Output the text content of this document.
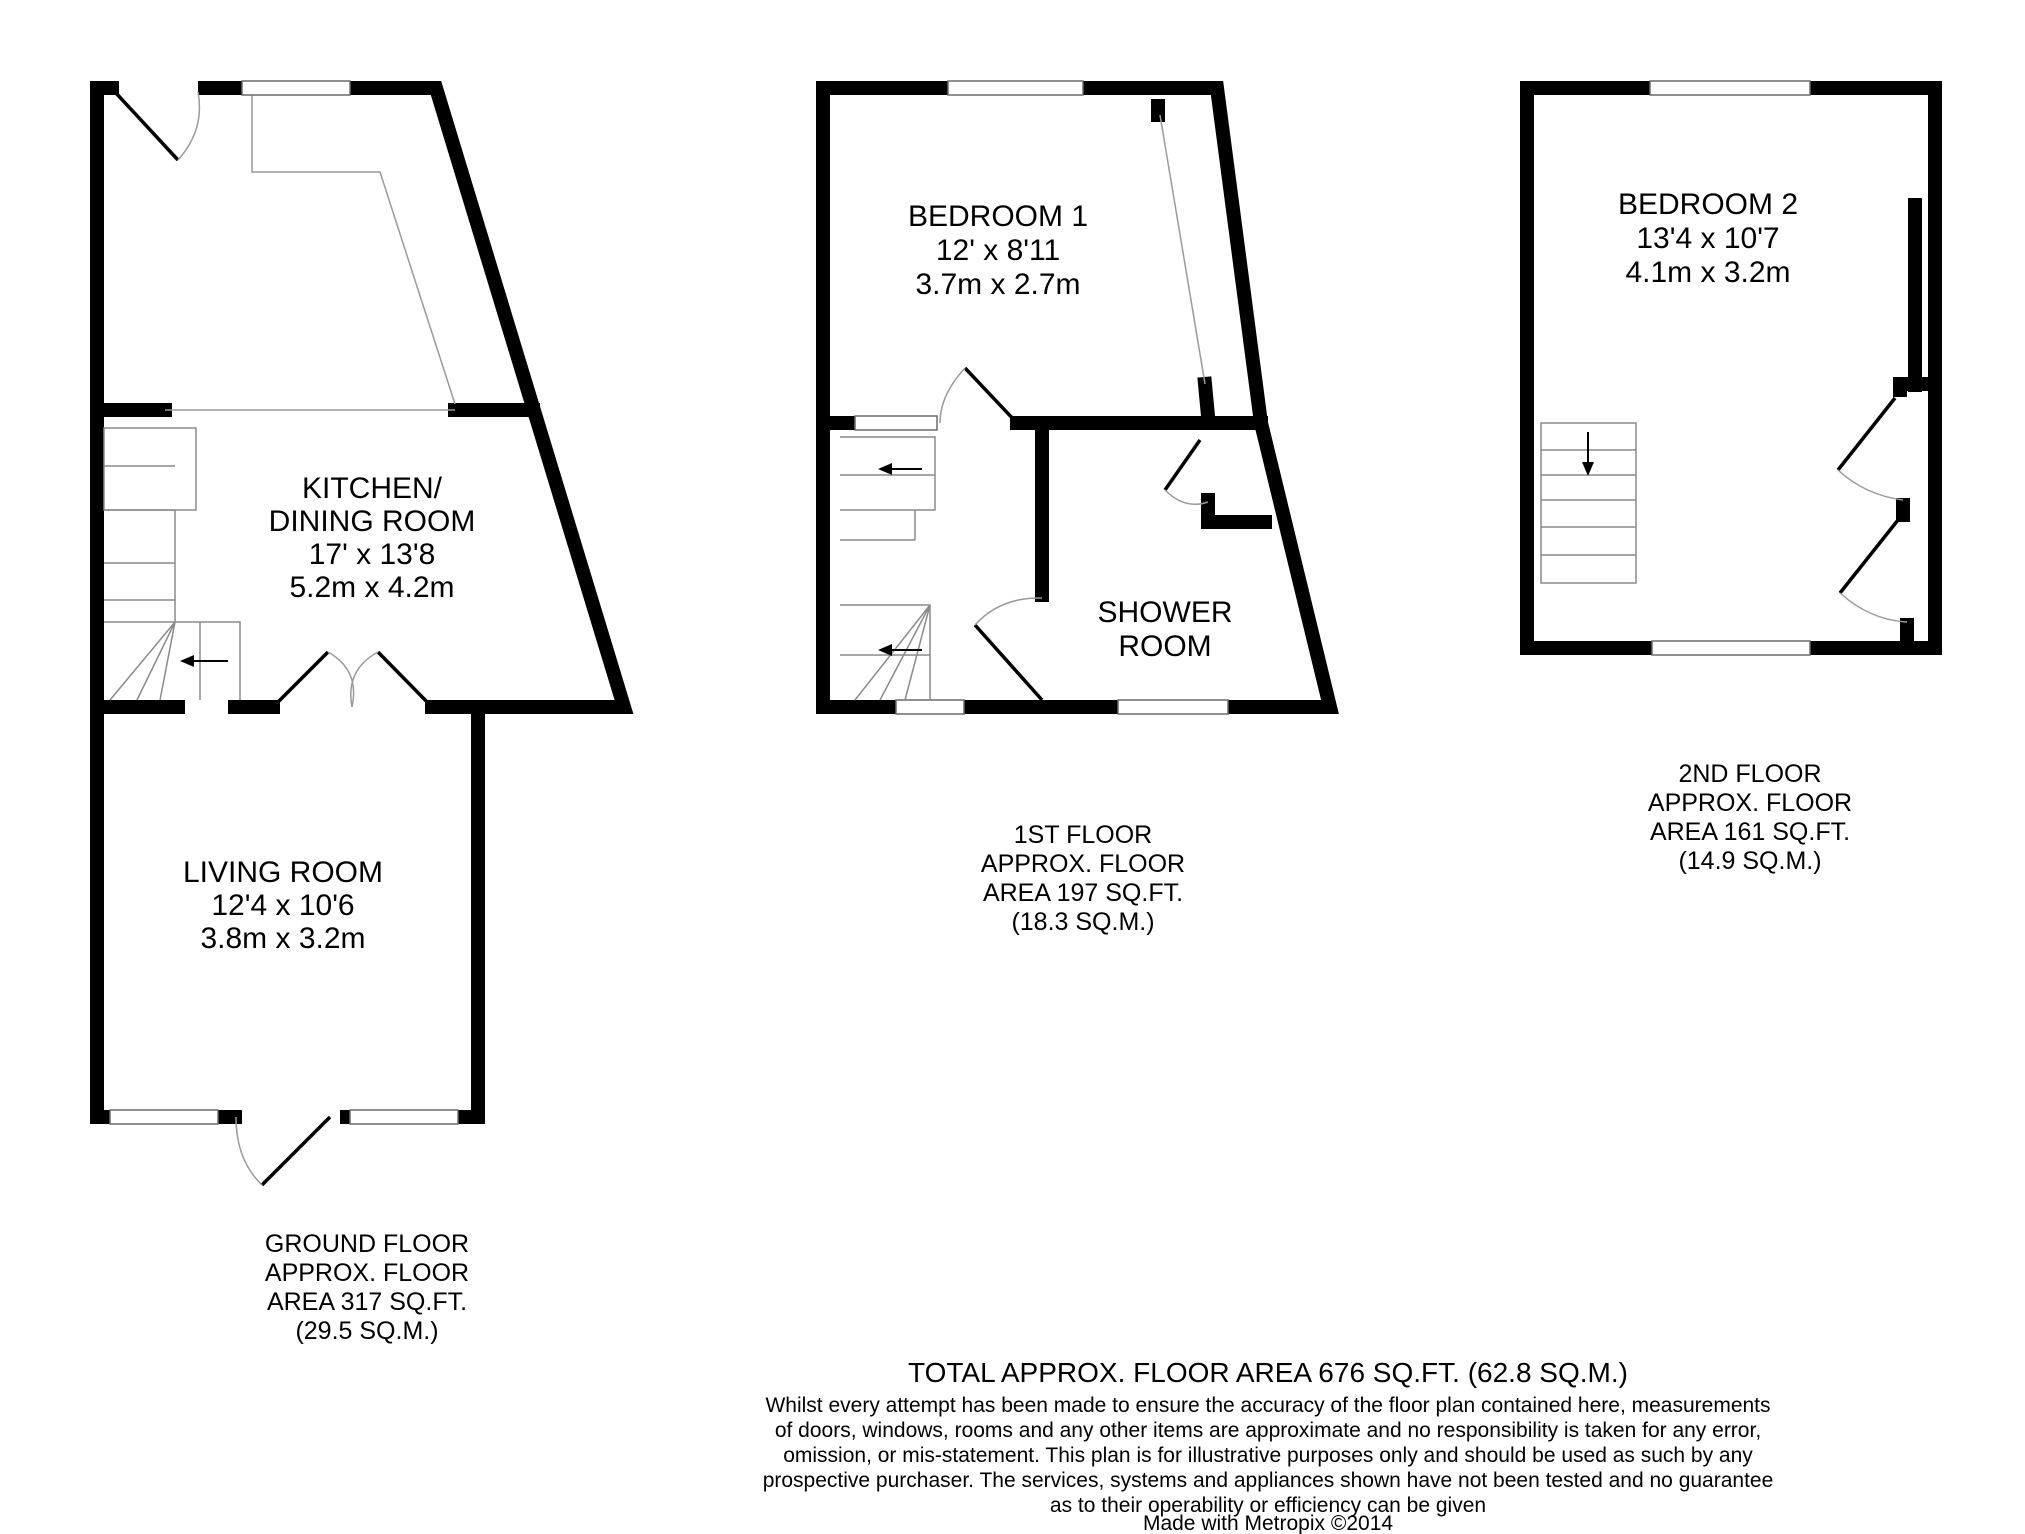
KITCHEN/
DINING ROOM
17' x 13'8
5.2m x 4.2m
LIVING ROOM
12'4 x 10'6
3.8m x 3.2m
GROUND FLOOR
APPROX. FLOOR
AREA 317 SQ.FT.
(29.5 SQ.M.)
BEDROOM 1
12' x 8'11
3.7m x 2.7m
SHOWER
ROOM
1ST FLOOR
APPROX. FLOOR
AREA 197 SQ.FT.
(18.3 SQ.M.)
BEDROOM 2
13'4 x 10'7
4.1m x 3.2m
2ND FLOOR
APPROX. FLOOR
AREA 161 SQ.FT.
(14.9 SQ.M.)
TOTAL APPROX. FLOOR AREA 676 SQ.FT. (62.8 SQ.M.)
Whilst every attempt has been made to ensure the accuracy of the floor plan contained here, measurements
of doors, windows, rooms and any other items are approximate and no responsibility is taken for any error,
omission, or mis-statement. This plan is for illustrative purposes only and should be used as such by any
prospective purchaser. The services, systems and appliances shown have not been tested and no guarantee
as to their operability or efficiency can be given
Made with Metropix ©2014
